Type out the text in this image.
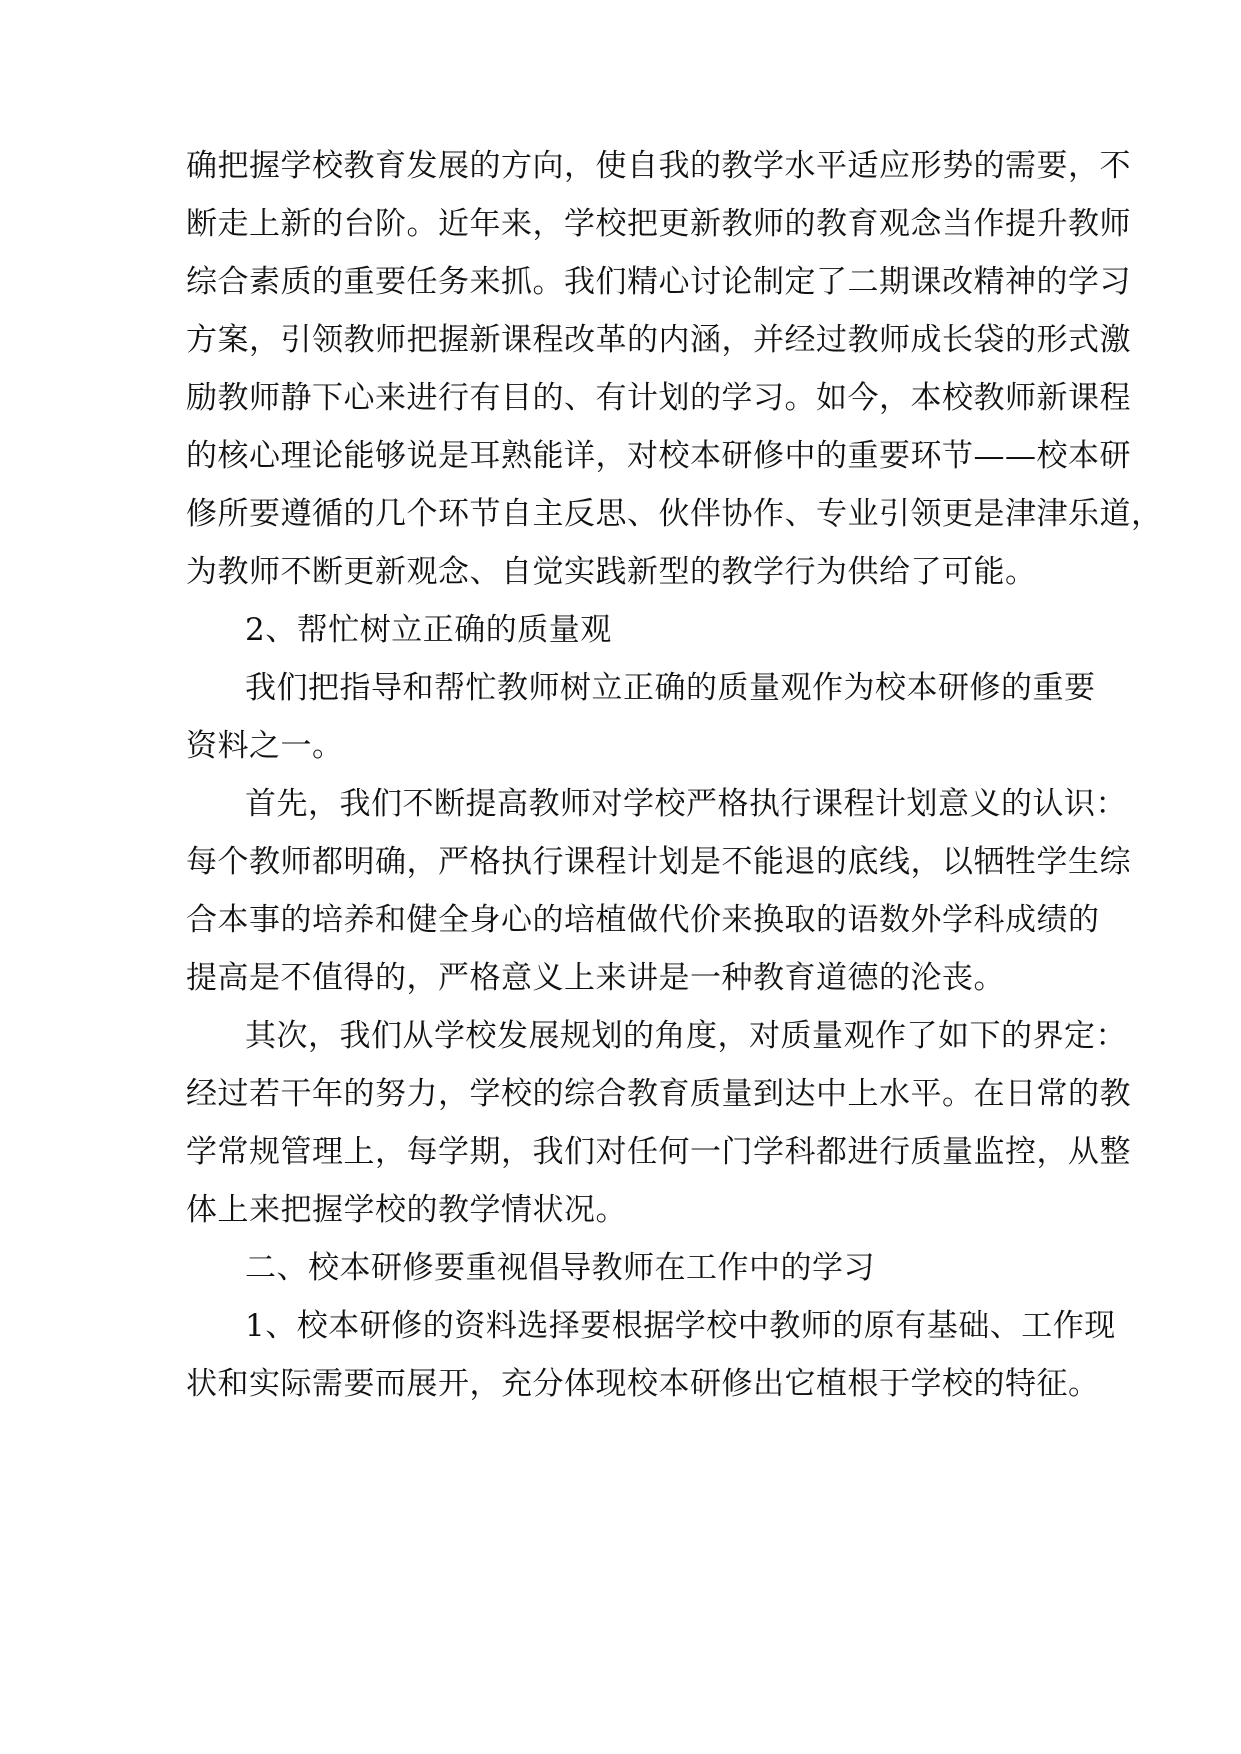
确把握学校教育发展的方向，使自我的教学水平适应形势的需要，不
断走上新的台阶。近年来，学校把更新教师的教育观念当作提升教师
综合素质的重要任务来抓。我们精心讨论制定了二期课改精神的学习
方案，引领教师把握新课程改革的内涵，并经过教师成长袋的形式激
励教师静下心来进行有目的、有计划的学习。如今，本校教师新课程
的核心理论能够说是耳熟能详，对校本研修中的重要环节——校本研
修所要遵循的几个环节自主反思、伙伴协作、专业引领更是津津乐道，
为教师不断更新观念、自觉实践新型的教学行为供给了可能。
2、帮忙树立正确的质量观
我们把指导和帮忙教师树立正确的质量观作为校本研修的重要
资料之一。
首先，我们不断提高教师对学校严格执行课程计划意义的认识：
每个教师都明确，严格执行课程计划是不能退的底线，以牺牲学生综
合本事的培养和健全身心的培植做代价来换取的语数外学科成绩的
提高是不值得的，严格意义上来讲是一种教育道德的沦丧。
其次，我们从学校发展规划的角度，对质量观作了如下的界定：
经过若干年的努力，学校的综合教育质量到达中上水平。在日常的教
学常规管理上，每学期，我们对任何一门学科都进行质量监控，从整
体上来把握学校的教学情状况。
二、校本研修要重视倡导教师在工作中的学习
1、校本研修的资料选择要根据学校中教师的原有基础、工作现
状和实际需要而展开，充分体现校本研修出它植根于学校的特征。
